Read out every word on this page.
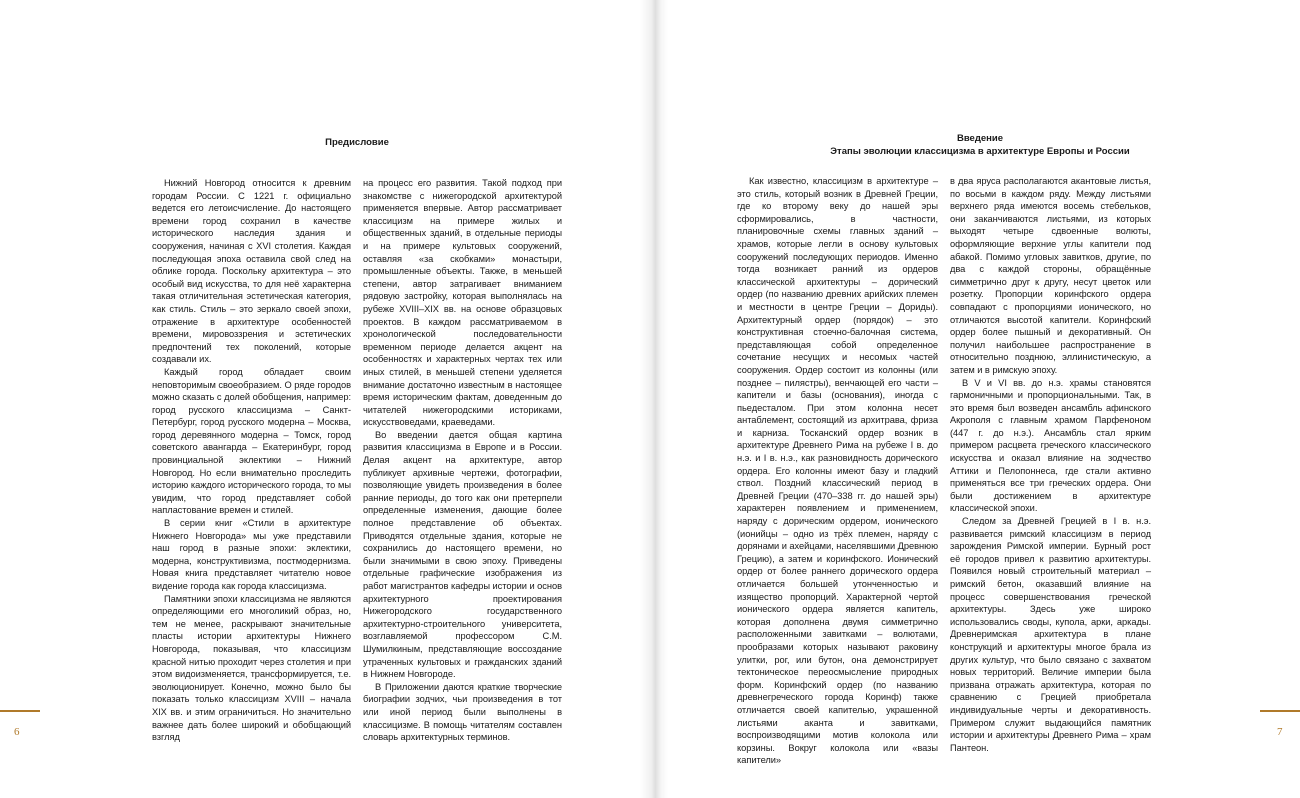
Предисловие

Нижний Новгород относится к древним городам России. С 1221 г. официально ведется его летоисчисление. До настоящего времени город сохранил в качестве исторического наследия здания и сооружения, начиная с XVI столетия. Каждая последующая эпоха оставила свой след на облике города. Поскольку архитектура – это особый вид искусства, то для неё характерна такая отличительная эстетическая категория, как стиль. Стиль – это зеркало своей эпохи, отражение в архитектуре особенностей времени, мировоззрения и эстетических предпочтений тех поколений, которые создавали их.

Каждый город обладает своим неповторимым своеобразием. О ряде городов можно сказать с долей обобщения, например: город русского классицизма – Санкт-Петербург, город русского модерна – Москва, город деревянного модерна – Томск, город советского авангарда – Екатеринбург, город провинциальной эклектики – Нижний Новгород. Но если внимательно проследить историю каждого исторического города, то мы увидим, что город представляет собой напластование времен и стилей.

В серии книг «Стили в архитектуре Нижнего Новгорода» мы уже представили наш город в разные эпохи: эклектики, модерна, конструктивизма, постмодернизма. Новая книга представляет читателю новое видение города как города классицизма.

Памятники эпохи классицизма не являются определяющими его многоликий образ, но, тем не менее, раскрывают значительные пласты истории архитектуры Нижнего Новгорода, показывая, что классицизм красной нитью проходит через столетия и при этом видоизменяется, трансформируется, т.е. эволюционирует. Конечно, можно было бы показать только классицизм XVIII – начала XIX вв. и этим ограничиться. Но значительно важнее дать более широкий и обобщающий взгляд

на процесс его развития. Такой подход при знакомстве с нижегородской архитектурой применяется впервые. Автор рассматривает классицизм на примере жилых и общественных зданий, в отдельные периоды и на примере культовых сооружений, оставляя «за скобками» монастыри, промышленные объекты. Также, в меньшей степени, автор затрагивает вниманием рядовую застройку, которая выполнялась на рубеже XVIII–XIX вв. на основе образцовых проектов. В каждом рассматриваемом в хронологической последовательности временном периоде делается акцент на особенностях и характерных чертах тех или иных стилей, в меньшей степени уделяется внимание достаточно известным в настоящее время историческим фактам, доведенным до читателей нижегородскими историками, искусствоведами, краеведами.

Во введении дается общая картина развития классицизма в Европе и в России. Делая акцент на архитектуре, автор публикует архивные чертежи, фотографии, позволяющие увидеть произведения в более ранние периоды, до того как они претерпели определенные изменения, дающие более полное представление об объектах. Приводятся отдельные здания, которые не сохранились до настоящего времени, но были значимыми в свою эпоху. Приведены отдельные графические изображения из работ магистрантов кафедры истории и основ архитектурного проектирования Нижегородского государственного архитектурно-строительного университета, возглавляемой профессором С.М. Шумилкиным, представляющие воссоздание утраченных культовых и гражданских зданий в Нижнем Новгороде.

В Приложении даются краткие творческие биографии зодчих, чьи произведения в тот или иной период были выполнены в классицизме. В помощь читателям составлен словарь архитектурных терминов.

6
Введение
Этапы эволюции классицизма в архитектуре Европы и России

Как известно, классицизм в архитектуре – это стиль, который возник в Древней Греции, где ко второму веку до нашей эры сформировались, в частности, планировочные схемы главных зданий – храмов, которые легли в основу культовых сооружений последующих периодов. Именно тогда возникает ранний из ордеров классической архитектуры – дорический ордер (по названию древних арийских племен и местности в центре Греции – Дориды). Архитектурный ордер (порядок) – это конструктивная стоечно-балочная система, представляющая собой определенное сочетание несущих и несомых частей сооружения. Ордер состоит из колонны (или позднее – пилястры), венчающей его части – капители и базы (основания), иногда с пьедесталом. При этом колонна несет антаблемент, состоящий из архитрава, фриза и карниза. Тосканский ордер возник в архитектуре Древнего Рима на рубеже I в. до н.э. и I в. н.э., как разновидность дорического ордера. Его колонны имеют базу и гладкий ствол. Поздний классический период в Древней Греции (470–338 гг. до нашей эры) характерен появлением и применением, наряду с дорическим ордером, ионического (ионийцы – одно из трёх племен, наряду с дорянами и ахейцами, населявшими Древнюю Грецию), а затем и коринфского. Ионический ордер от более раннего дорического ордера отличается большей утонченностью и изящество пропорций. Характерной чертой ионического ордера является капитель, которая дополнена двумя симметрично расположенными завитками – волютами, прообразами которых называют раковину улитки, рог, или бутон, она демонстрирует тектоническое переосмысление природных форм. Коринфский ордер (по названию древнегреческого города Коринф) также отличается своей капителью, украшенной листьями аканта и завитками, воспроизводящими мотив колокола или корзины. Вокруг колокола или «вазы капители»

в два яруса располагаются акантовые листья, по восьми в каждом ряду. Между листьями верхнего ряда имеются восемь стебельков, они заканчиваются листьями, из которых выходят четыре сдвоенные волюты, оформляющие верхние углы капители под абакой. Помимо угловых завитков, другие, по два с каждой стороны, обращённые симметрично друг к другу, несут цветок или розетку. Пропорции коринфского ордера совпадают с пропорциями ионического, но отличаются высотой капители. Коринфский ордер более пышный и декоративный. Он получил наибольшее распространение в относительно позднюю, эллинистическую, а затем и в римскую эпоху.

В V и VI вв. до н.э. храмы становятся гармоничными и пропорциональными. Так, в это время был возведен ансамбль афинского Акрополя с главным храмом Парфеноном (447 г. до н.э.). Ансамбль стал ярким примером расцвета греческого классического искусства и оказал влияние на зодчество Аттики и Пелопоннеса, где стали активно применяться все три греческих ордера. Они были достижением в архитектуре классической эпохи.

Следом за Древней Грецией в I в. н.э. развивается римский классицизм в период зарождения Римской империи. Бурный рост её городов привел к развитию архитектуры. Появился новый строительный материал – римский бетон, оказавший влияние на процесс совершенствования греческой архитектуры. Здесь уже широко использовались своды, купола, арки, аркады. Древнеримская архитектура в плане конструкций и архитектуры многое брала из других культур, что было связано с захватом новых территорий. Величие империи была призвана отражать архитектура, которая по сравнению с Грецией приобретала индивидуальные черты и декоративность. Примером служит выдающийся памятник истории и архитектуры Древнего Рима – храм Пантеон.

7
